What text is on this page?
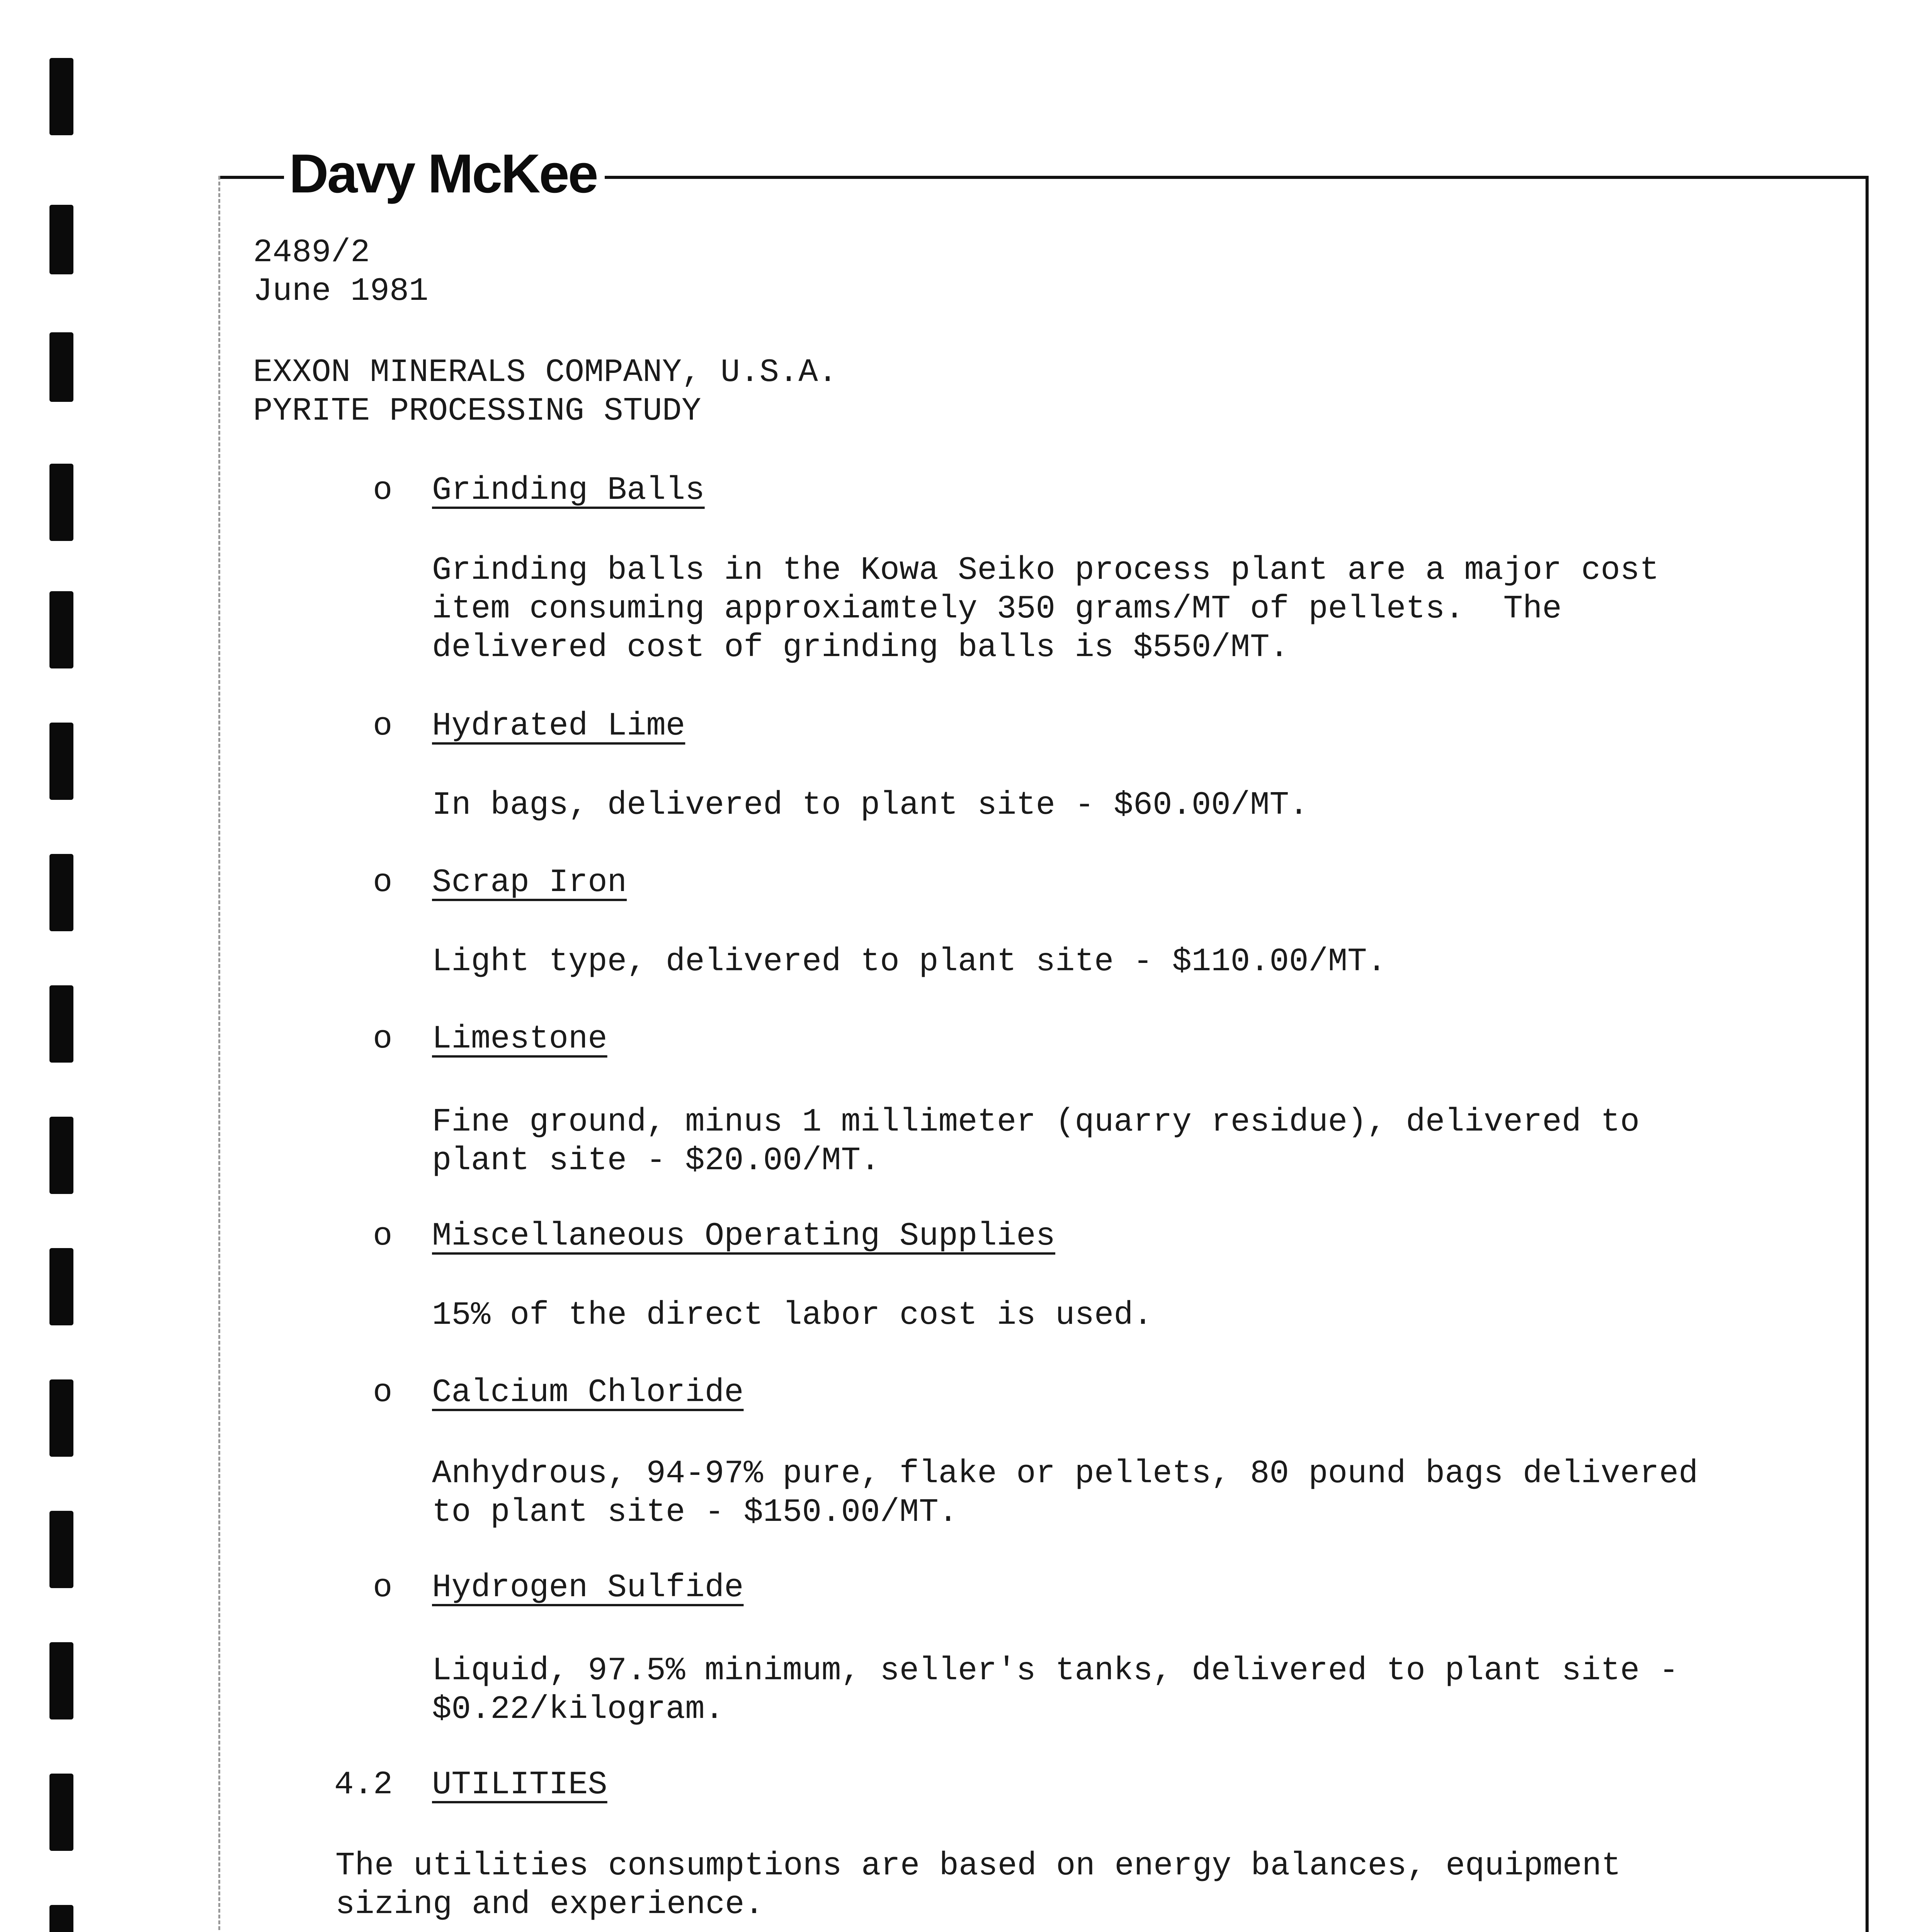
Davy McKee
2489/2
June 1981
EXXON MINERALS COMPANY, U.S.A.
PYRITE PROCESSING STUDY
o Grinding Balls
Grinding balls in the Kowa Seiko process plant are a major cost
item consuming approxiamtely 350 grams/MT of pellets.  The
delivered cost of grinding balls is $550/MT.
o Hydrated Lime
In bags, delivered to plant site - $60.00/MT.
o Scrap Iron
Light type, delivered to plant site - $110.00/MT.
o Limestone
Fine ground, minus 1 millimeter (quarry residue), delivered to
plant site - $20.00/MT.
o Miscellaneous Operating Supplies
15% of the direct labor cost is used.
o Calcium Chloride
Anhydrous, 94-97% pure, flake or pellets, 80 pound bags delivered
to plant site - $150.00/MT.
o Hydrogen Sulfide
Liquid, 97.5% minimum, seller's tanks, delivered to plant site -
$0.22/kilogram.
4.2 UTILITIES
The utilities consumptions are based on energy balances, equipment
sizing and experience.
